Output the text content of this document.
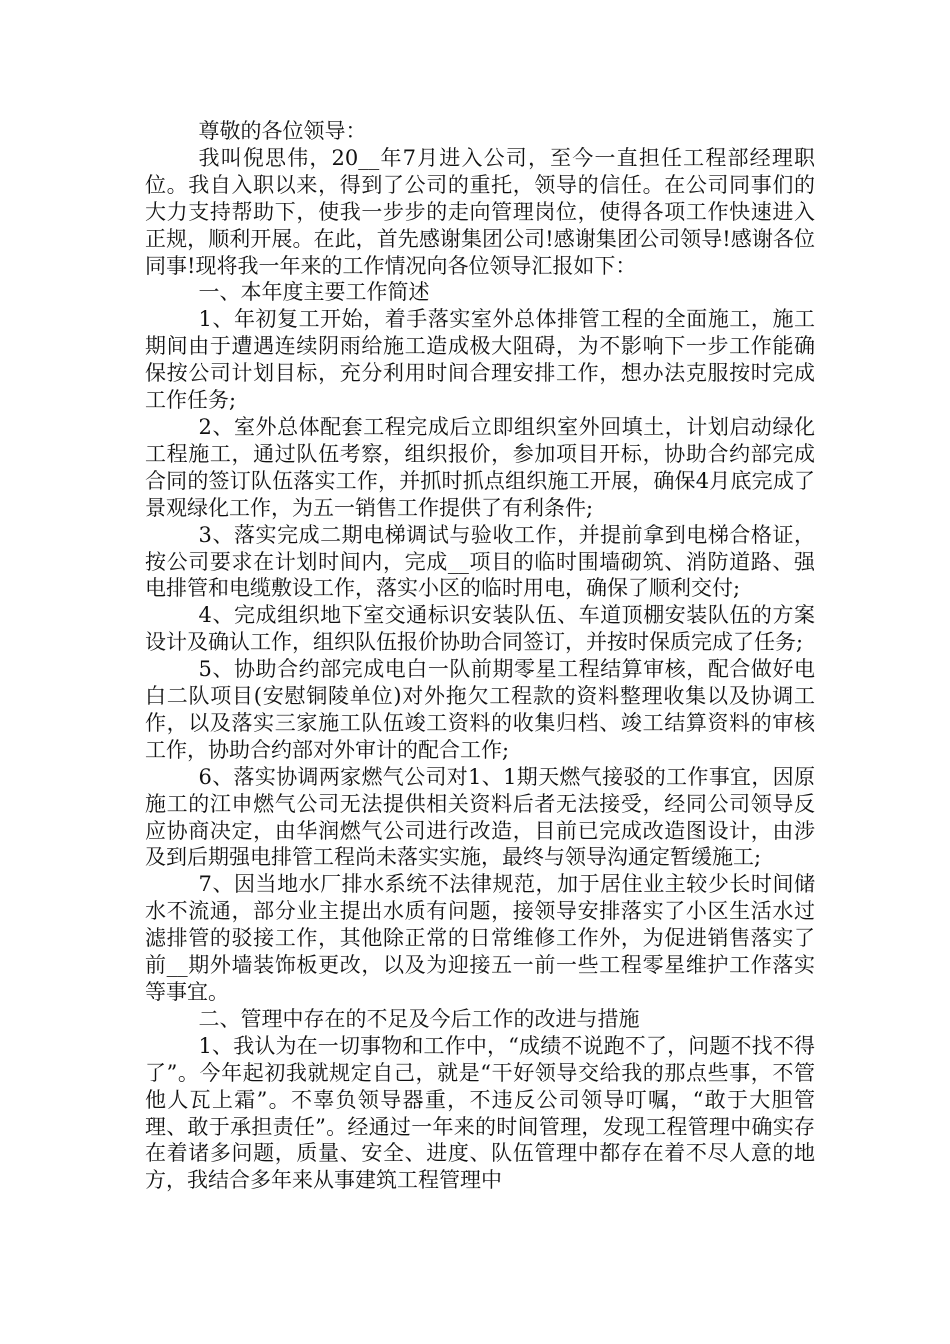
尊敬的各位领导：

我叫倪思伟，20__年7月进入公司，至今一直担任工程部经理职位。我自入职以来，得到了公司的重托，领导的信任。在公司同事们的大力支持帮助下，使我一步步的走向管理岗位，使得各项工作快速进入正规，顺利开展。在此，首先感谢集团公司!感谢集团公司领导!感谢各位同事!现将我一年来的工作情况向各位领导汇报如下：

一、本年度主要工作简述

1、年初复工开始，着手落实室外总体排管工程的全面施工，施工期间由于遭遇连续阴雨给施工造成极大阻碍，为不影响下一步工作能确保按公司计划目标，充分利用时间合理安排工作，想办法克服按时完成工作任务;

2、室外总体配套工程完成后立即组织室外回填土，计划启动绿化工程施工，通过队伍考察，组织报价，参加项目开标，协助合约部完成合同的签订队伍落实工作，并抓时抓点组织施工开展，确保4月底完成了景观绿化工作，为五一销售工作提供了有利条件;

3、落实完成二期电梯调试与验收工作，并提前拿到电梯合格证，按公司要求在计划时间内，完成__项目的临时围墙砌筑、消防道路、强电排管和电缆敷设工作，落实小区的临时用电，确保了顺利交付;

4、完成组织地下室交通标识安装队伍、车道顶棚安装队伍的方案设计及确认工作，组织队伍报价协助合同签订，并按时保质完成了任务;

5、协助合约部完成电白一队前期零星工程结算审核，配合做好电白二队项目(安慰铜陵单位)对外拖欠工程款的资料整理收集以及协调工作，以及落实三家施工队伍竣工资料的收集归档、竣工结算资料的审核工作，协助合约部对外审计的配合工作;

6、落实协调两家燃气公司对1、1期天燃气接驳的工作事宜，因原施工的江申燃气公司无法提供相关资料后者无法接受，经同公司领导反应协商决定，由华润燃气公司进行改造，目前已完成改造图设计，由涉及到后期强电排管工程尚未落实实施，最终与领导沟通定暂缓施工;

7、因当地水厂排水系统不法律规范，加于居住业主较少长时间储水不流通，部分业主提出水质有问题，接领导安排落实了小区生活水过滤排管的驳接工作，其他除正常的日常维修工作外，为促进销售落实了前__期外墙装饰板更改，以及为迎接五一前一些工程零星维护工作落实等事宜。

二、管理中存在的不足及今后工作的改进与措施

1、我认为在一切事物和工作中，“成绩不说跑不了，问题不找不得了”。今年起初我就规定自己，就是“干好领导交给我的那点些事，不管他人瓦上霜”。不辜负领导器重，不违反公司领导叮嘱，“敢于大胆管理、敢于承担责任”。经通过一年来的时间管理，发现工程管理中确实存在着诸多问题，质量、安全、进度、队伍管理中都存在着不尽人意的地方，我结合多年来从事建筑工程管理中
